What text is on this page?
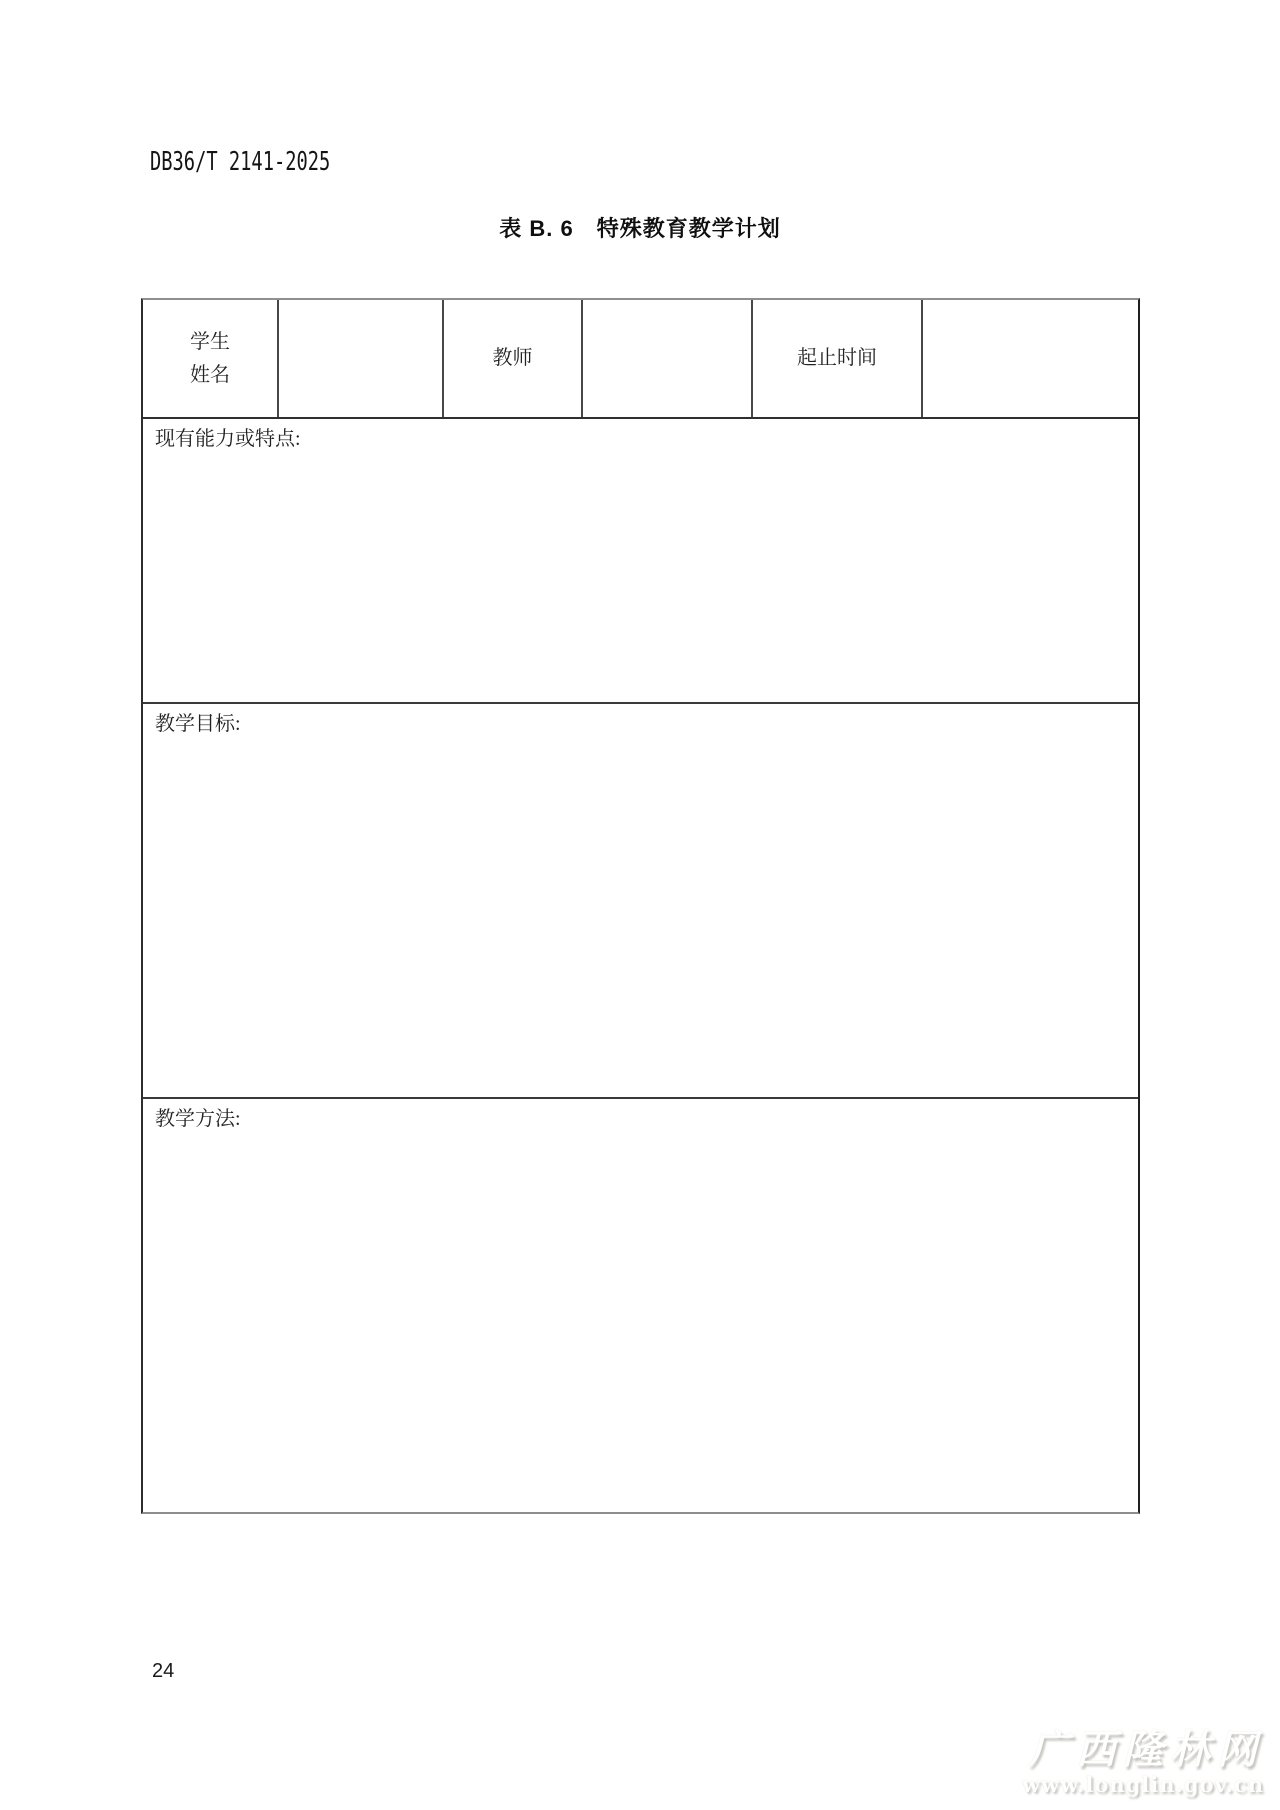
DB36/T 2141-2025
表 B. 6　特殊教育教学计划
学生
姓名
教师	起止时间
现有能力或特点:
教学目标:
教学方法:
24
广西隆林网
www.longlin.gov.cn
